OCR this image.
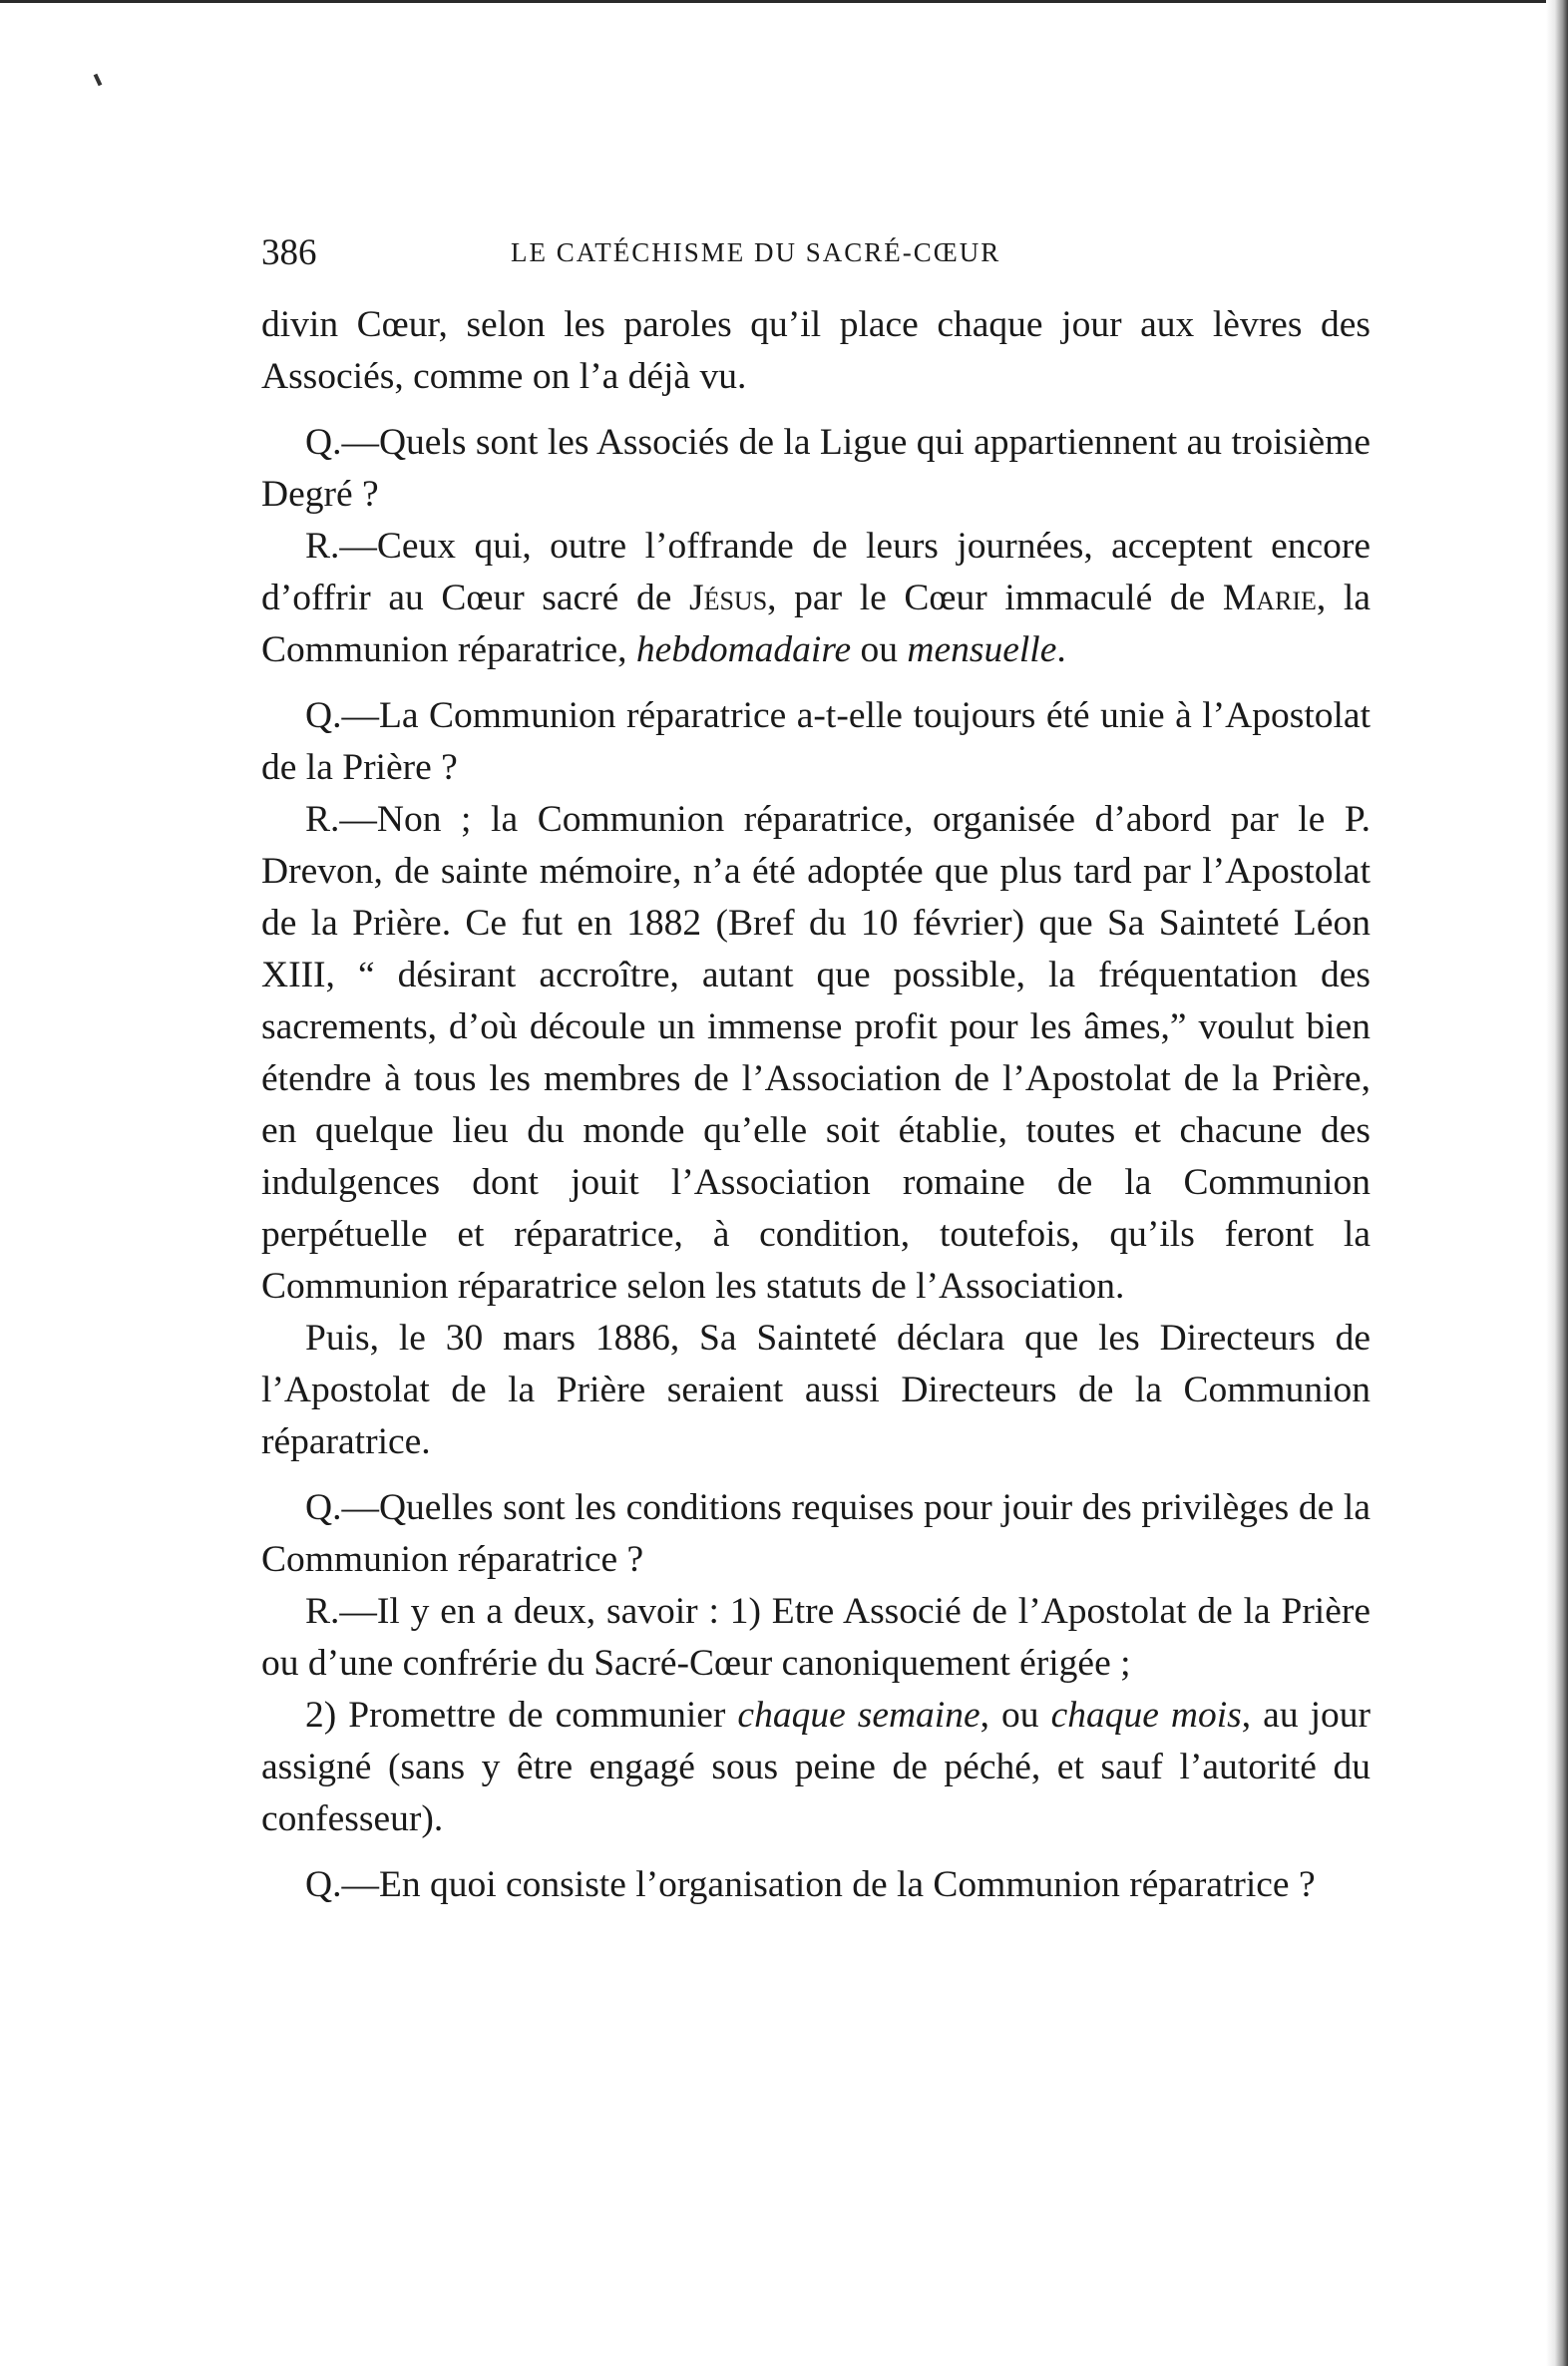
386	LE CATÉCHISME DU SACRÉ-CŒUR

divin Cœur, selon les paroles qu’il place chaque jour aux lèvres des Associés, comme on l’a déjà vu.

Q.—Quels sont les Associés de la Ligue qui appartiennent au troisième Degré ?

R.—Ceux qui, outre l’offrande de leurs journées, acceptent encore d’offrir au Cœur sacré de Jésus, par le Cœur immaculé de Marie, la Communion réparatrice, hebdomadaire ou mensuelle.

Q.—La Communion réparatrice a-t-elle toujours été unie à l’Apostolat de la Prière ?

R.—Non ; la Communion réparatrice, organisée d’abord par le P. Drevon, de sainte mémoire, n’a été adoptée que plus tard par l’Apostolat de la Prière. Ce fut en 1882 (Bref du 10 février) que Sa Sainteté Léon XIII, “ désirant accroître, autant que possible, la fréquentation des sacrements, d’où découle un immense profit pour les âmes,” voulut bien étendre à tous les membres de l’Association de l’Apostolat de la Prière, en quelque lieu du monde qu’elle soit établie, toutes et chacune des indulgences dont jouit l’Association romaine de la Communion perpétuelle et réparatrice, à condition, toutefois, qu’ils feront la Communion réparatrice selon les statuts de l’Association.

Puis, le 30 mars 1886, Sa Sainteté déclara que les Directeurs de l’Apostolat de la Prière seraient aussi Directeurs de la Communion réparatrice.

Q.—Quelles sont les conditions requises pour jouir des privilèges de la Communion réparatrice ?

R.—Il y en a deux, savoir : 1) Etre Associé de l’Apostolat de la Prière ou d’une confrérie du Sacré-Cœur canoniquement érigée ;

2) Promettre de communier chaque semaine, ou chaque mois, au jour assigné (sans y être engagé sous peine de péché, et sauf l’autorité du confesseur).

Q.—En quoi consiste l’organisation de la Communion réparatrice ?
